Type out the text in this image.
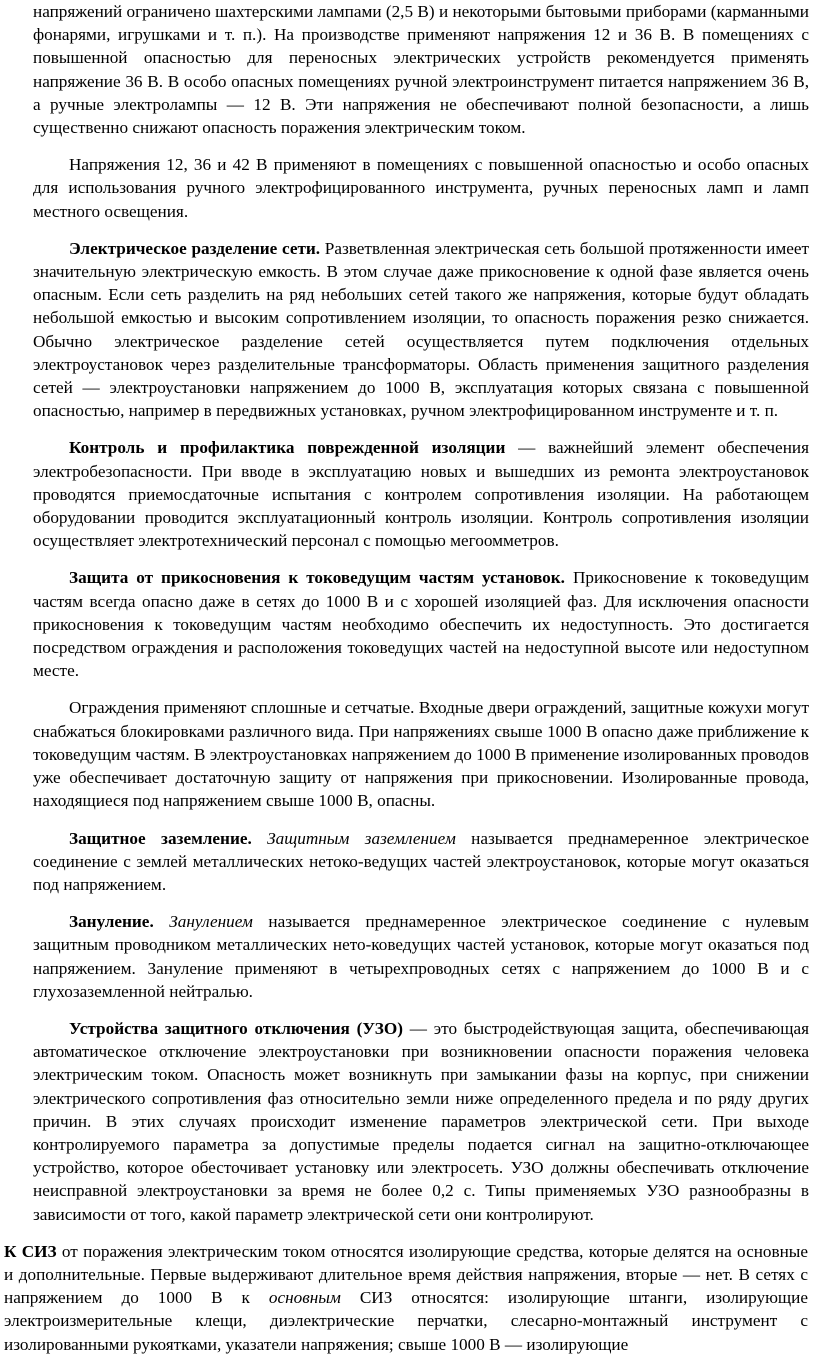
напряжений ограничено шахтерскими лампами (2,5 В) и некоторыми бытовыми приборами (карманными фонарями, игрушками и т. п.). На производстве применяют напряжения 12 и 36 В. В помещениях с повышенной опасностью для переносных электрических устройств рекомендуется применять напряжение 36 В. В особо опасных помещениях ручной электроинструмент питается напряжением 36 В, а ручные электролампы — 12 В. Эти напряжения не обеспечивают полной безопасности, а лишь существенно снижают опасность поражения электрическим током.

Напряжения 12, 36 и 42 В применяют в помещениях с повышенной опасностью и особо опасных для использования ручного электрофицированного инструмента, ручных переносных ламп и ламп местного освещения.

Электрическое разделение сети. Разветвленная электрическая сеть большой протяженности имеет значительную электрическую емкость. В этом случае даже прикосновение к одной фазе является очень опасным. Если сеть разделить на ряд небольших сетей такого же напряжения, которые будут обладать небольшой емкостью и высоким сопротивлением изоляции, то опасность поражения резко снижается. Обычно электрическое разделение сетей осуществляется путем подключения отдельных электроустановок через разделительные трансформаторы. Область применения защитного разделения сетей — электроустановки напряжением до 1000 В, эксплуатация которых связана с повышенной опасностью, например в передвижных установках, ручном электрофицированном инструменте и т. п.

Контроль и профилактика поврежденной изоляции — важнейший элемент обеспечения электробезопасности. При вводе в эксплуатацию новых и вышедших из ремонта электроустановок проводятся приемосдаточные испытания с контролем сопротивления изоляции. На работающем оборудовании проводится эксплуатационный контроль изоляции. Контроль сопротивления изоляции осуществляет электротехнический персонал с помощью мегоомметров.

Защита от прикосновения к токоведущим частям установок. Прикосновение к токоведущим частям всегда опасно даже в сетях до 1000 В и с хорошей изоляцией фаз. Для исключения опасности прикосновения к токоведущим частям необходимо обеспечить их недоступность. Это достигается посредством ограждения и расположения токоведущих частей на недоступной высоте или недоступном месте.

Ограждения применяют сплошные и сетчатые. Входные двери ограждений, защитные кожухи могут снабжаться блокировками различного вида. При напряжениях свыше 1000 В опасно даже приближение к токоведущим частям. В электроустановках напряжением до 1000 В применение изолированных проводов уже обеспечивает достаточную защиту от напряжения при прикосновении. Изолированные провода, находящиеся под напряжением свыше 1000 В, опасны.

Защитное заземление. Защитным заземлением называется преднамеренное электрическое соединение с землей металлических нетоко-ведущих частей электроустановок, которые могут оказаться под напряжением.

Зануление. Занулением называется преднамеренное электрическое соединение с нулевым защитным проводником металлических нето-коведущих частей установок, которые могут оказаться под напряжением. Зануление применяют в четырехпроводных сетях с напряжением до 1000 В и с глухозаземленной нейтралью.

Устройства защитного отключения (УЗО) — это быстродействующая защита, обеспечивающая автоматическое отключение электроустановки при возникновении опасности поражения человека электрическим током. Опасность может возникнуть при замыкании фазы на корпус, при снижении электрического сопротивления фаз относительно земли ниже определенного предела и по ряду других причин. В этих случаях происходит изменение параметров электрической сети. При выходе контролируемого параметра за допустимые пределы подается сигнал на защитно-отключающее устройство, которое обесточивает установку или электросеть. УЗО должны обеспечивать отключение неисправной электроустановки за время не более 0,2 с. Типы применяемых УЗО разнообразны в зависимости от того, какой параметр электрической сети они контролируют.

К СИЗ от поражения электрическим током относятся изолирующие средства, которые делятся на основные и дополнительные. Первые выдерживают длительное время действия напряжения, вторые — нет. В сетях с напряжением до 1000 В к основным СИЗ относятся: изолирующие штанги, изолирующие электроизмерительные клещи, диэлектрические перчатки, слесарно-монтажный инструмент с изолированными рукоятками, указатели напряжения; свыше 1000 В — изолирующие
